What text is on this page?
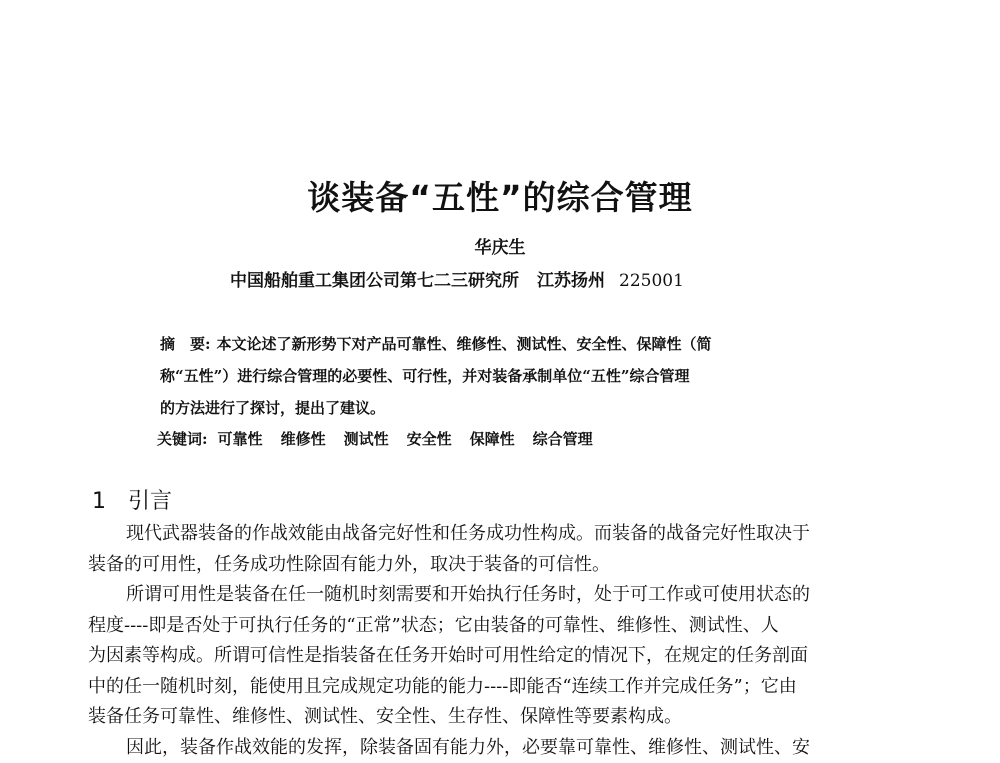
谈装备“五性”的综合管理
华庆生
中国船舶重工集团公司第七二三研究所 江苏扬州 225001
摘　要: 本文论述了新形势下对产品可靠性、维修性、测试性、安全性、保障性（简
称“五性”）进行综合管理的必要性、可行性，并对装备承制单位“五性”综合管理
的方法进行了探讨，提出了建议。
关键词: 可靠性 维修性 测试性 安全性 保障性 综合管理
1 引言
现代武器装备的作战效能由战备完好性和任务成功性构成。而装备的战备完好性取决于
装备的可用性，任务成功性除固有能力外，取决于装备的可信性。
所谓可用性是装备在任一随机时刻需要和开始执行任务时，处于可工作或可使用状态的
程度----即是否处于可执行任务的“正常”状态；它由装备的可靠性、维修性、测试性、人
为因素等构成。所谓可信性是指装备在任务开始时可用性给定的情况下，在规定的任务剖面
中的任一随机时刻，能使用且完成规定功能的能力----即能否“连续工作并完成任务”；它由
装备任务可靠性、维修性、测试性、安全性、生存性、保障性等要素构成。
因此，装备作战效能的发挥，除装备固有能力外，必要靠可靠性、维修性、测试性、安
